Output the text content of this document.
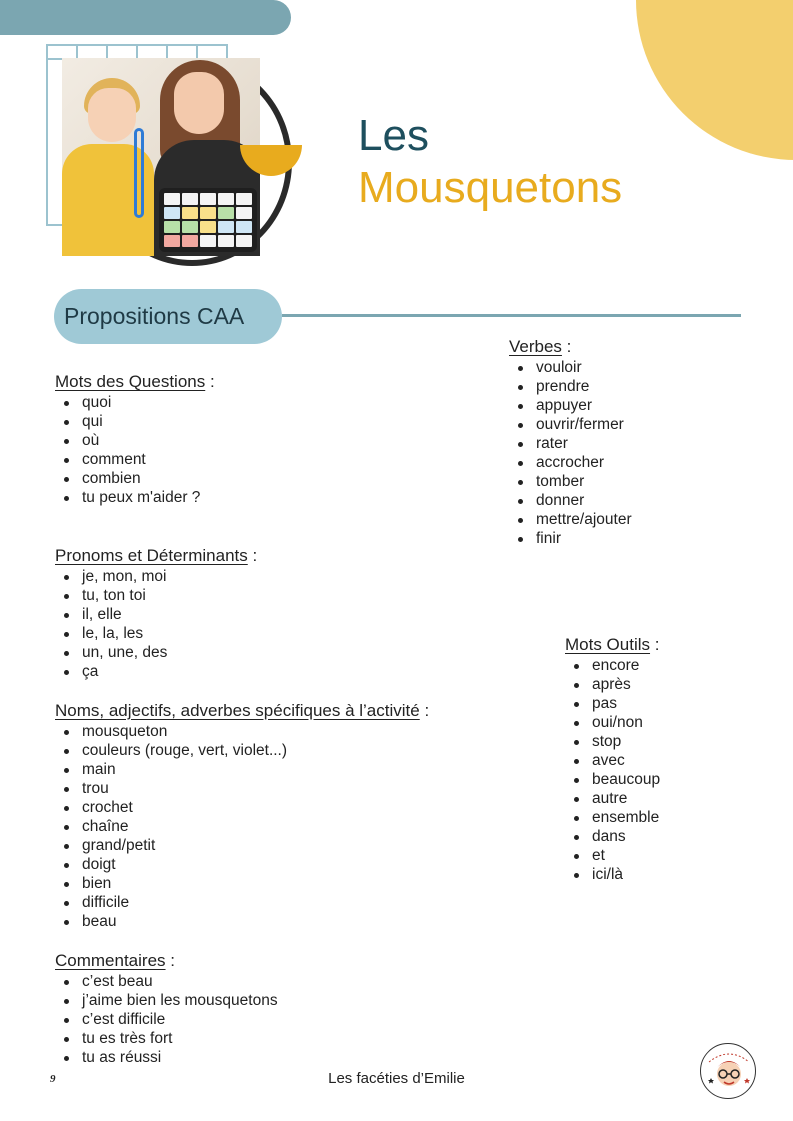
Les
Mousquetons
Propositions CAA
Mots des Questions :
quoi
qui
où
comment
combien
tu peux m'aider ?
Pronoms et Déterminants :
je, mon, moi
tu, ton toi
il, elle
le, la, les
un, une, des
ça
Noms, adjectifs, adverbes spécifiques à l’activité :
mousqueton
couleurs (rouge, vert, violet...)
main
trou
crochet
chaîne
grand/petit
doigt
bien
difficile
beau
Commentaires :
c’est beau
j’aime bien les mousquetons
c’est difficile
tu es très fort
tu as réussi
Verbes :
vouloir
prendre
appuyer
ouvrir/fermer
rater
accrocher
tomber
donner
mettre/ajouter
finir
Mots Outils :
encore
après
pas
oui/non
stop
avec
beaucoup
autre
ensemble
dans
et
ici/là
9	Les facéties d’Emilie
